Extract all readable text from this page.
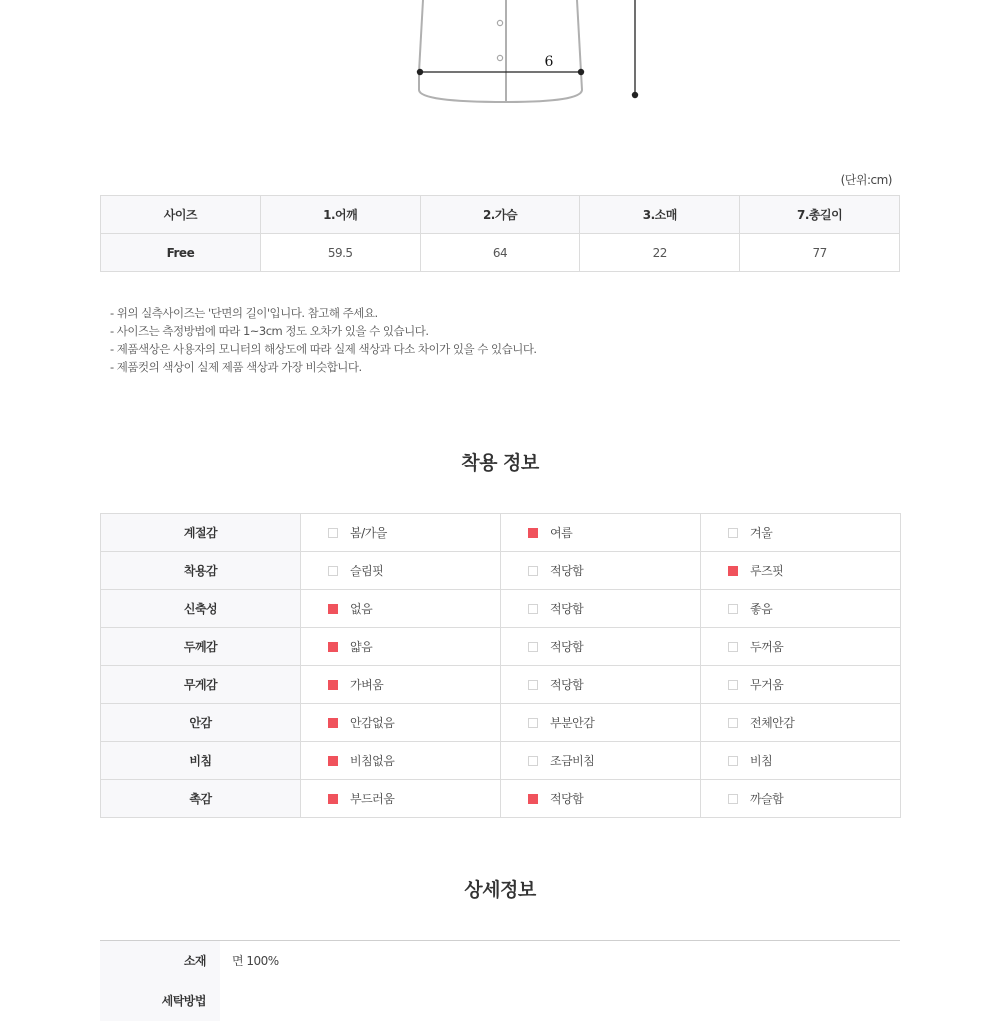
6
(단위:cm)
사이즈	1.어깨	2.가슴	3.소매	7.총길이
Free	59.5	64	22	77
- 위의 실측사이즈는 '단면의 길이'입니다. 참고해 주세요.
- 사이즈는 측정방법에 따라 1~3cm 정도 오차가 있을 수 있습니다.
- 제품색상은 사용자의 모니터의 해상도에 따라 실제 색상과 다소 차이가 있을 수 있습니다.
- 제품컷의 색상이 실제 제품 색상과 가장 비슷합니다.
착용 정보
계절감	봄/가을	여름	겨울

착용감	슬림핏	적당함	루즈핏

신축성	없음	적당함	좋음

두께감	얇음	적당함	두꺼움

무게감	가벼움	적당함	무거움

안감	안감없음	부분안감	전체안감

비침	비침없음	조금비침	비침

촉감	부드러움	적당함	까슬함
상세정보
소재	면 100%
세탁방법	
